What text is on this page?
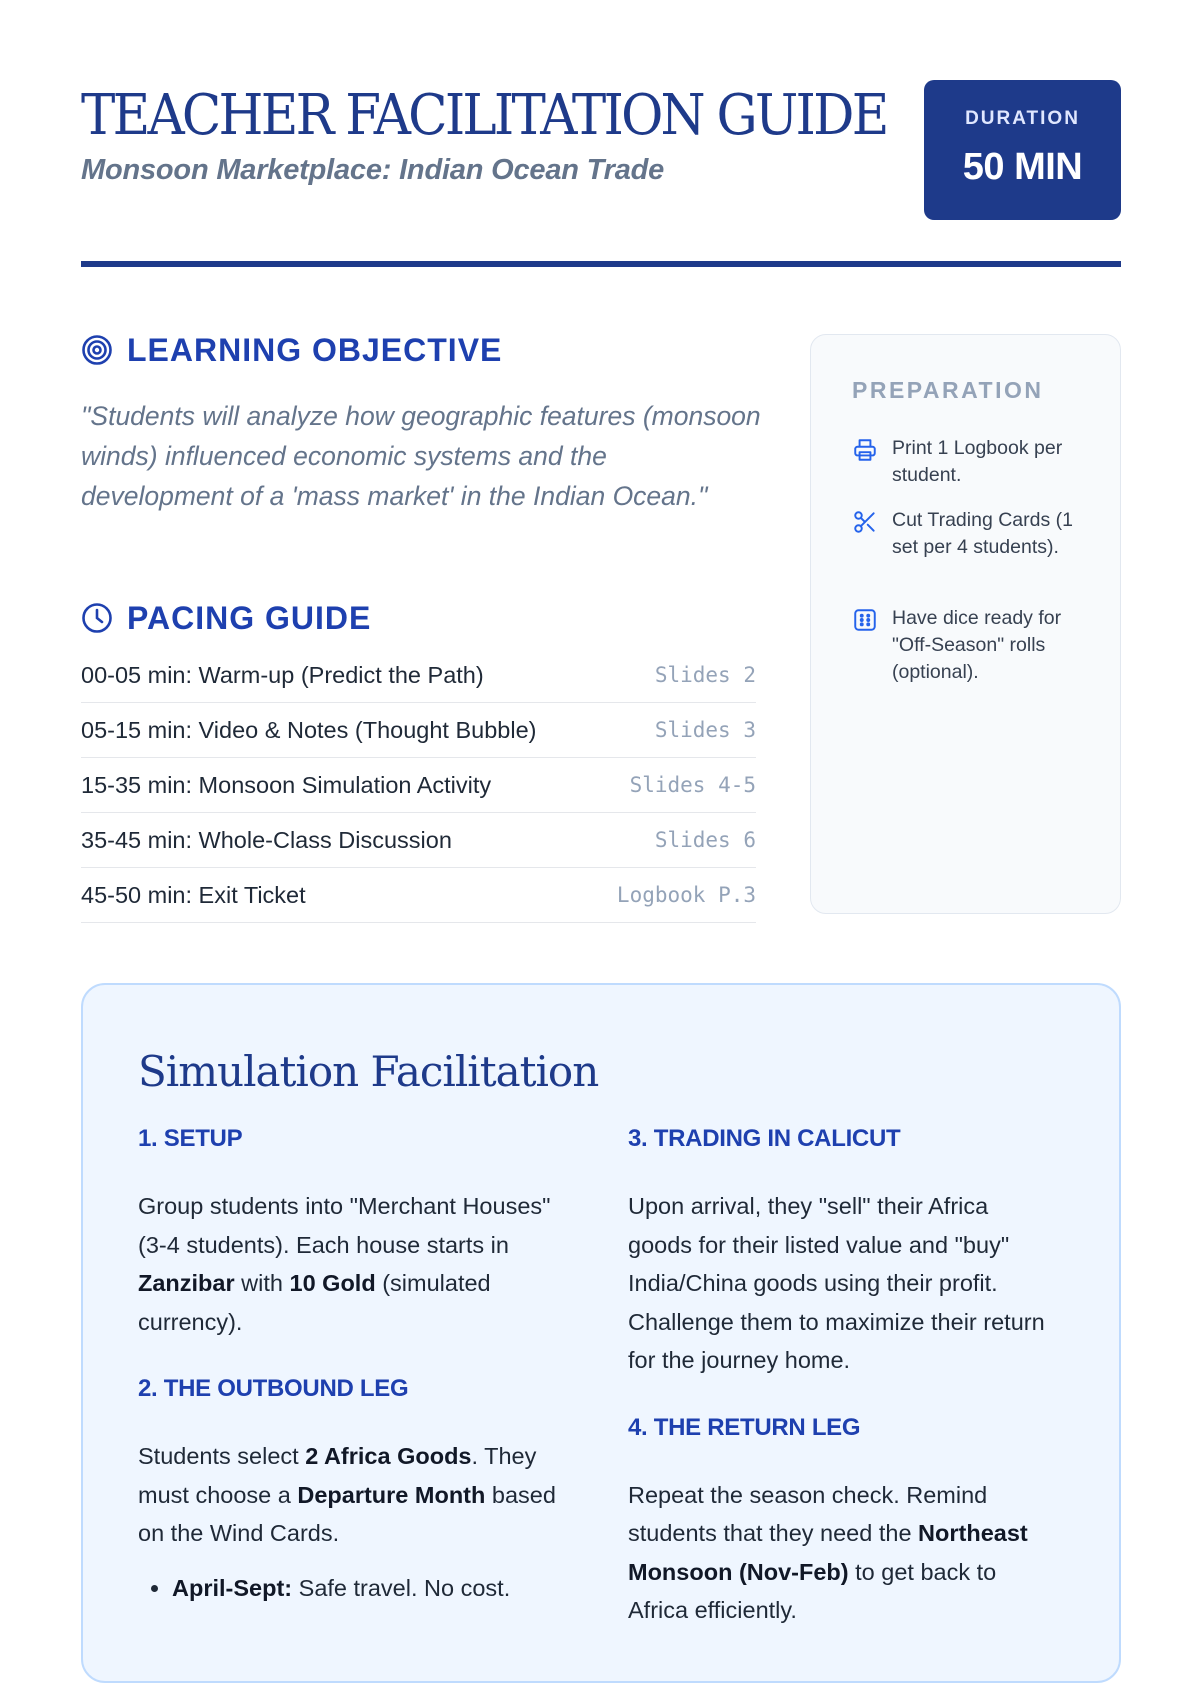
TEACHER FACILITATION GUIDE
Monsoon Marketplace: Indian Ocean Trade
DURATION
50 MIN
LEARNING OBJECTIVE
"Students will analyze how geographic features (monsoon winds) influenced economic systems and the development of a 'mass market' in the Indian Ocean."
PACING GUIDE
00-05 min: Warm-up (Predict the Path)	Slides 2
05-15 min: Video & Notes (Thought Bubble)	Slides 3
15-35 min: Monsoon Simulation Activity	Slides 4-5
35-45 min: Whole-Class Discussion	Slides 6
45-50 min: Exit Ticket	Logbook P.3
PREPARATION
Print 1 Logbook per student.
Cut Trading Cards (1 set per 4 students).
Have dice ready for "Off-Season" rolls (optional).
Simulation Facilitation
1. SETUP

Group students into "Merchant Houses" (3-4 students). Each house starts in Zanzibar with 10 Gold (simulated currency).

2. THE OUTBOUND LEG

Students select 2 Africa Goods. They must choose a Departure Month based on the Wind Cards.

• April-Sept: Safe travel. No cost.
3. TRADING IN CALICUT

Upon arrival, they "sell" their Africa goods for their listed value and "buy" India/China goods using their profit. Challenge them to maximize their return for the journey home.

4. THE RETURN LEG

Repeat the season check. Remind students that they need the Northeast Monsoon (Nov-Feb) to get back to Africa efficiently.
